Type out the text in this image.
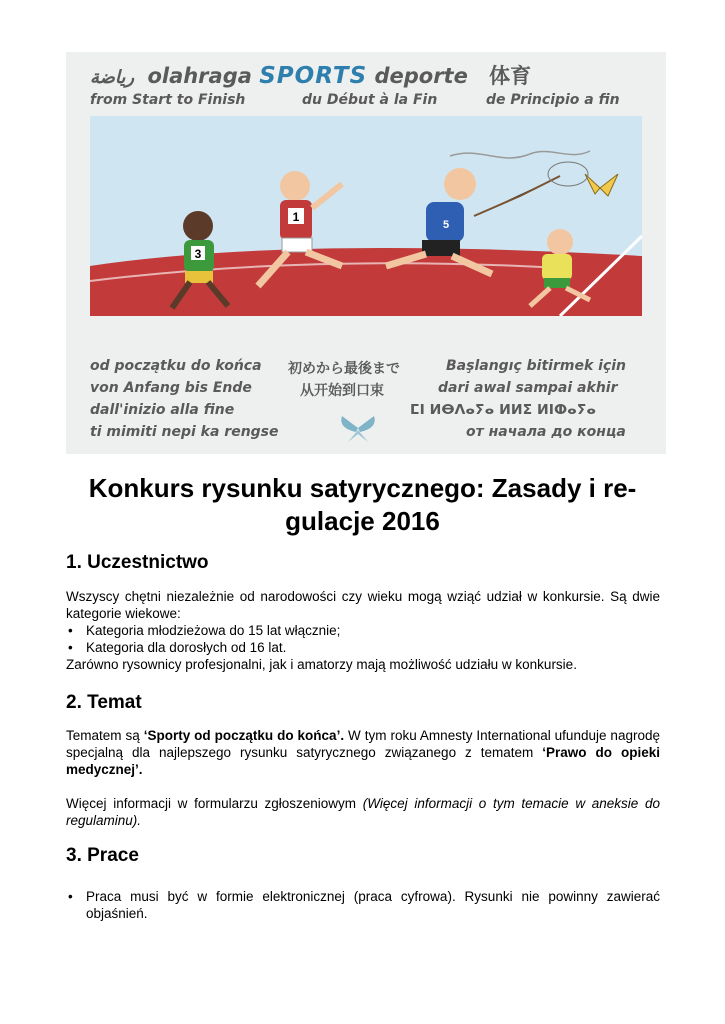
رياضة olahraga SPORTS deporte 体育
from Start to Finish	du Début à la Fin	de Principio a fin
3
1
5
od początku do końca 初めから最後まで	Başlangıç bitirmek için
von Anfang bis Ende	从开始到口束	dari awal sampai akhir
dall'inizio alla fine	ⵎⵏ ⵍⴱⴷⴰⵢⴰ ⵍⵍⵉ ⵍⵏⵀⴰⵢⴰ
ti mimiti nepi ka rengse	от начала до конца
Konkurs rysunku satyrycznego: Zasady i re-gulacje 2016
1. Uczestnictwo

Wszyscy chętni niezależnie od narodowości czy wieku mogą wziąć udział w konkursie. Są dwie kategorie wiekowe:

• Kategoria młodzieżowa do 15 lat włącznie;
• Kategoria dla dorosłych od 16 lat.

Zarówno rysownicy profesjonalni, jak i amatorzy mają możliwość udziału w konkursie.

2. Temat

Tematem są ‘Sporty od początku do końca’. W tym roku Amnesty International ufunduje nagrodę specjalną dla najlepszego rysunku satyrycznego związanego z tematem ‘Prawo do opieki medycznej’.

Więcej informacji w formularzu zgłoszeniowym (Więcej informacji o tym temacie w aneksie do regulaminu).

3. Prace
• Praca musi być w formie elektronicznej (praca cyfrowa). Rysunki nie powinny zawierać objaśnień.
